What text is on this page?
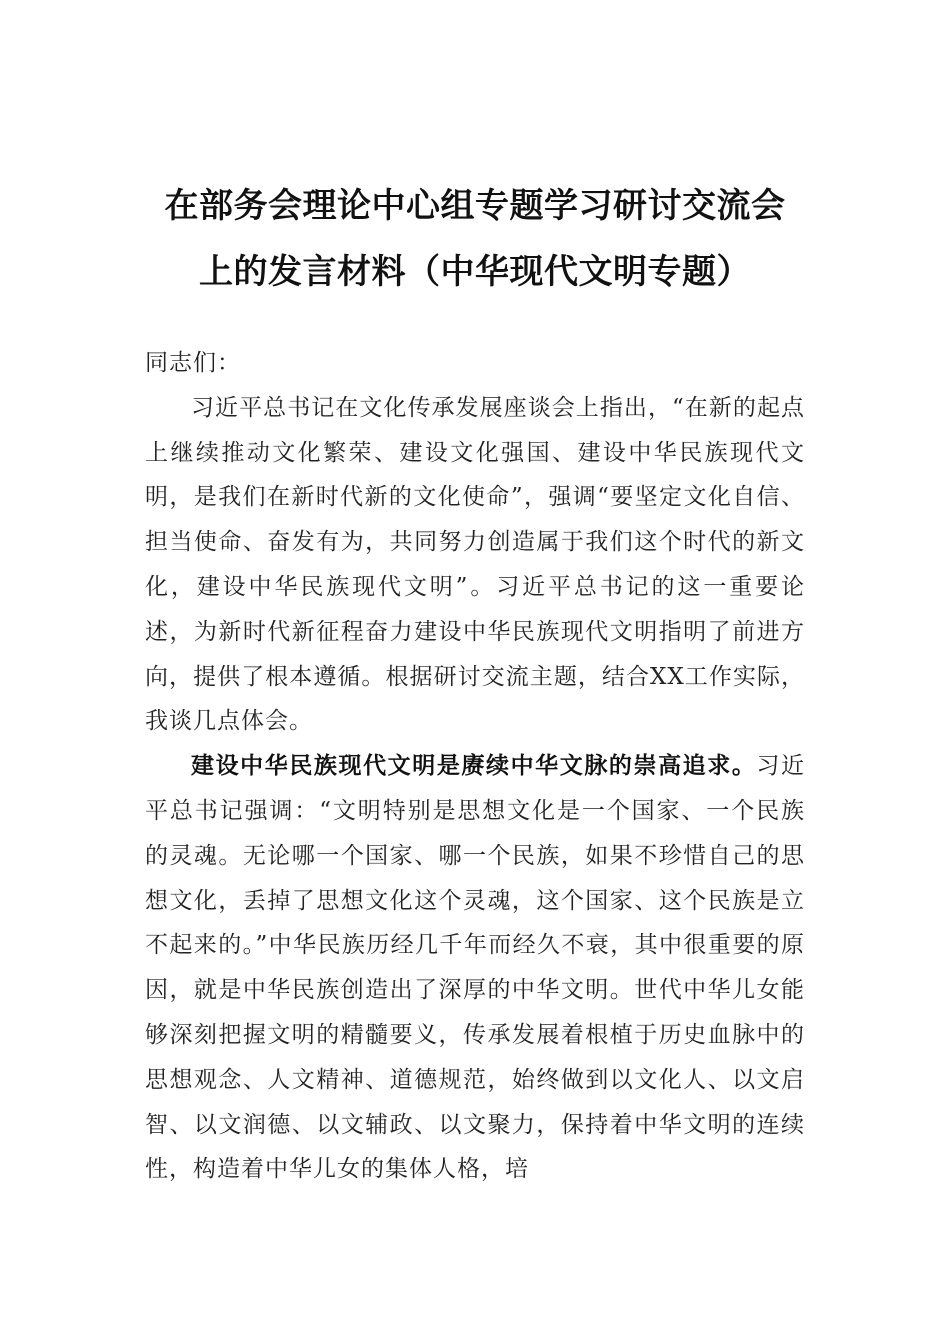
在部务会理论中心组专题学习研讨交流会
上的发言材料（中华现代文明专题）

同志们：

习近平总书记在文化传承发展座谈会上指出，“在新的起点上继续推动文化繁荣、建设文化强国、建设中华民族现代文明，是我们在新时代新的文化使命”，强调“要坚定文化自信、担当使命、奋发有为，共同努力创造属于我们这个时代的新文化，建设中华民族现代文明”。习近平总书记的这一重要论述，为新时代新征程奋力建设中华民族现代文明指明了前进方向，提供了根本遵循。根据研讨交流主题，结合XX工作实际，我谈几点体会。

建设中华民族现代文明是赓续中华文脉的崇高追求。习近平总书记强调：“文明特别是思想文化是一个国家、一个民族的灵魂。无论哪一个国家、哪一个民族，如果不珍惜自己的思想文化，丢掉了思想文化这个灵魂，这个国家、这个民族是立不起来的。”中华民族历经几千年而经久不衰，其中很重要的原因，就是中华民族创造出了深厚的中华文明。世代中华儿女能够深刻把握文明的精髓要义，传承发展着根植于历史血脉中的思想观念、人文精神、道德规范，始终做到以文化人、以文启智、以文润德、以文辅政、以文聚力，保持着中华文明的连续性，构造着中华儿女的集体人格，培
